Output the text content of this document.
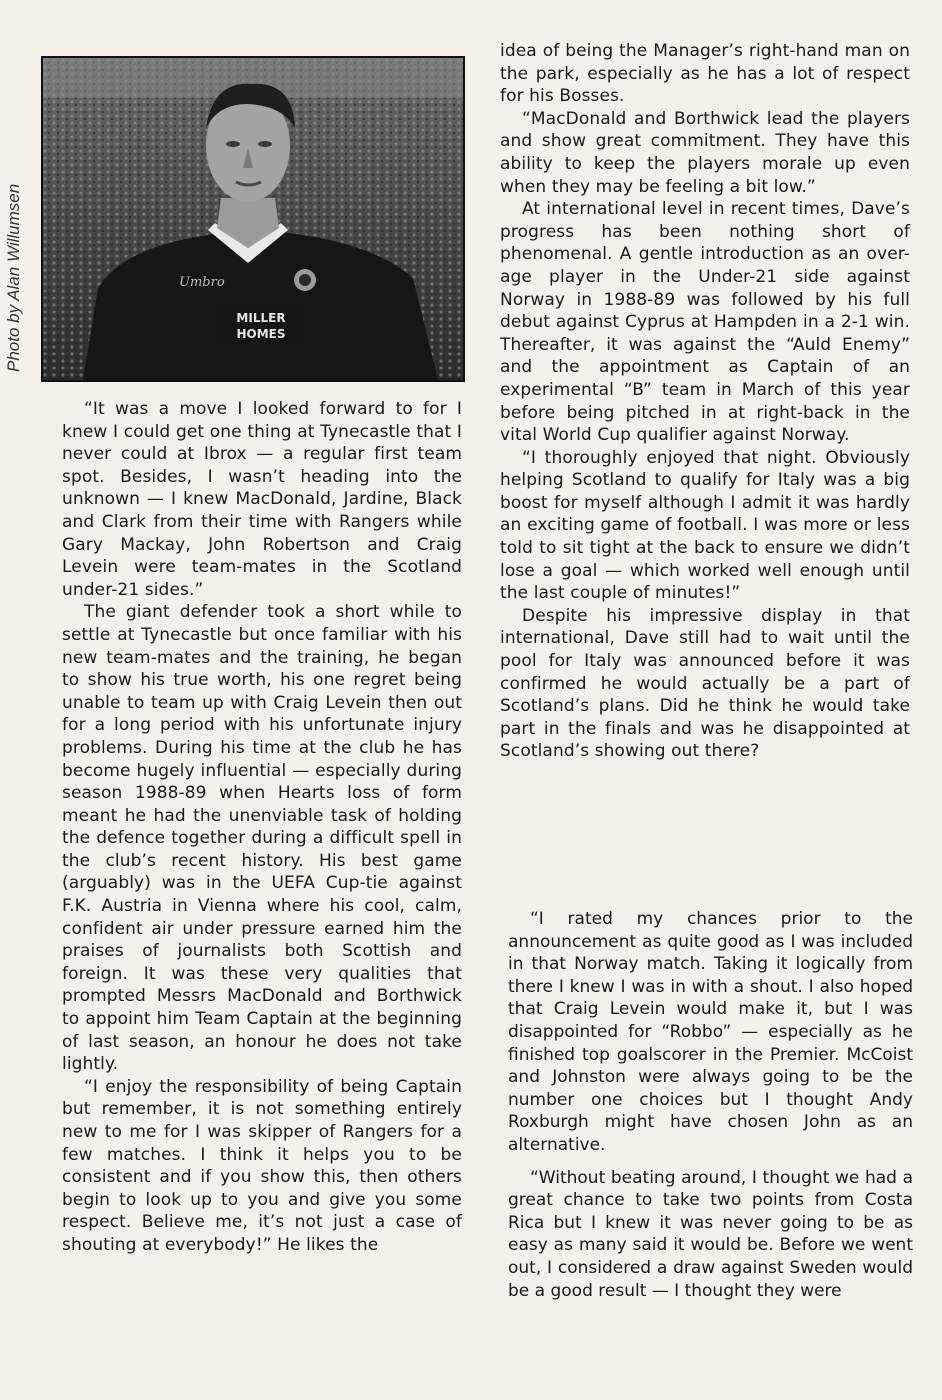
Photo by Alan Willumsen	Umbro
MILLER
HOMES

“It was a move I looked forward to for I knew I could get one thing at Tynecastle that I never could at Ibrox — a regular first team spot. Besides, I wasn’t heading into the unknown — I knew MacDonald, Jardine, Black and Clark from their time with Rangers while Gary Mackay, John Robertson and Craig Levein were team-mates in the Scotland under-21 sides.”

The giant defender took a short while to settle at Tynecastle but once familiar with his new team-mates and the training, he began to show his true worth, his one regret being unable to team up with Craig Levein then out for a long period with his unfortunate injury problems. During his time at the club he has become hugely influential — especially during season 1988-89 when Hearts loss of form meant he had the unenviable task of holding the defence together during a difficult spell in the club’s recent history. His best game (arguably) was in the UEFA Cup-tie against F.K. Austria in Vienna where his cool, calm, confident air under pressure earned him the praises of journalists both Scottish and foreign. It was these very qualities that prompted Messrs MacDonald and Borthwick to appoint him Team Captain at the beginning of last season, an honour he does not take lightly.

“I enjoy the responsibility of being Captain but remember, it is not something entirely new to me for I was skipper of Rangers for a few matches. I think it helps you to be consistent and if you show this, then others begin to look up to you and give you some respect. Believe me, it’s not just a case of shouting at everybody!” He likes the

idea of being the Manager’s right-hand man on the park, especially as he has a lot of respect for his Bosses.

“MacDonald and Borthwick lead the players and show great commitment. They have this ability to keep the players morale up even when they may be feeling a bit low.”

At international level in recent times, Dave’s progress has been nothing short of phenomenal. A gentle introduction as an over-age player in the Under-21 side against Norway in 1988-89 was followed by his full debut against Cyprus at Hampden in a 2-1 win. Thereafter, it was against the “Auld Enemy” and the appointment as Captain of an experimental “B” team in March of this year before being pitched in at right-back in the vital World Cup qualifier against Norway.

“I thoroughly enjoyed that night. Obviously helping Scotland to qualify for Italy was a big boost for myself although I admit it was hardly an exciting game of football. I was more or less told to sit tight at the back to ensure we didn’t lose a goal — which worked well enough until the last couple of minutes!”

Despite his impressive display in that international, Dave still had to wait until the pool for Italy was announced before it was confirmed he would actually be a part of Scotland’s plans. Did he think he would take part in the finals and was he disappointed at Scotland’s showing out there?

“I rated my chances prior to the announcement as quite good as I was included in that Norway match. Taking it logically from there I knew I was in with a shout. I also hoped that Craig Levein would make it, but I was disappointed for “Robbo” — especially as he finished top goalscorer in the Premier. McCoist and Johnston were always going to be the number one choices but I thought Andy Roxburgh might have chosen John as an alternative.

“Without beating around, I thought we had a great chance to take two points from Costa Rica but I knew it was never going to be as easy as many said it would be. Before we went out, I considered a draw against Sweden would be a good result — I thought they were
